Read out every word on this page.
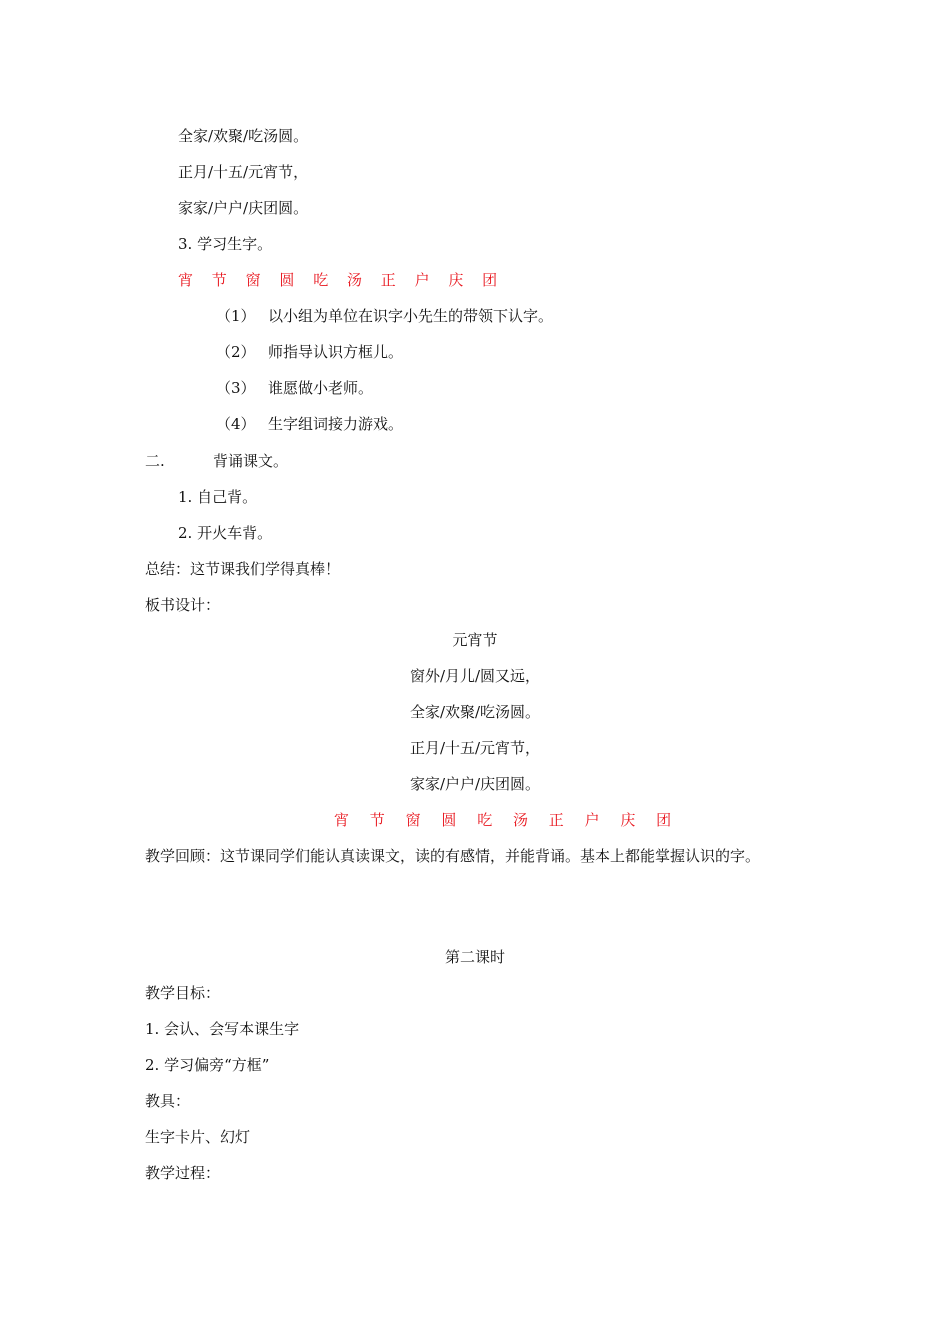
全家/欢聚/吃汤圆。
正月/十五/元宵节，
家家/户户/庆团圆。
3. 学习生字。
宵 节 窗 圆 吃 汤 正 户 庆 团
（1） 以小组为单位在识字小先生的带领下认字。
（2） 师指导认识方框儿。
（3） 谁愿做小老师。
（4） 生字组词接力游戏。
二.	背诵课文。
1. 自己背。
2. 开火车背。
总结：这节课我们学得真棒！
板书设计：
元宵节
窗外/月儿/圆又远，
全家/欢聚/吃汤圆。
正月/十五/元宵节，
家家/户户/庆团圆。
宵 节 窗 圆 吃 汤 正 户 庆 团
教学回顾：这节课同学们能认真读课文，读的有感情，并能背诵。基本上都能掌握认识的字。
第二课时
教学目标：
1. 会认、会写本课生字
2. 学习偏旁“方框”
教具：
生字卡片、幻灯
教学过程：
